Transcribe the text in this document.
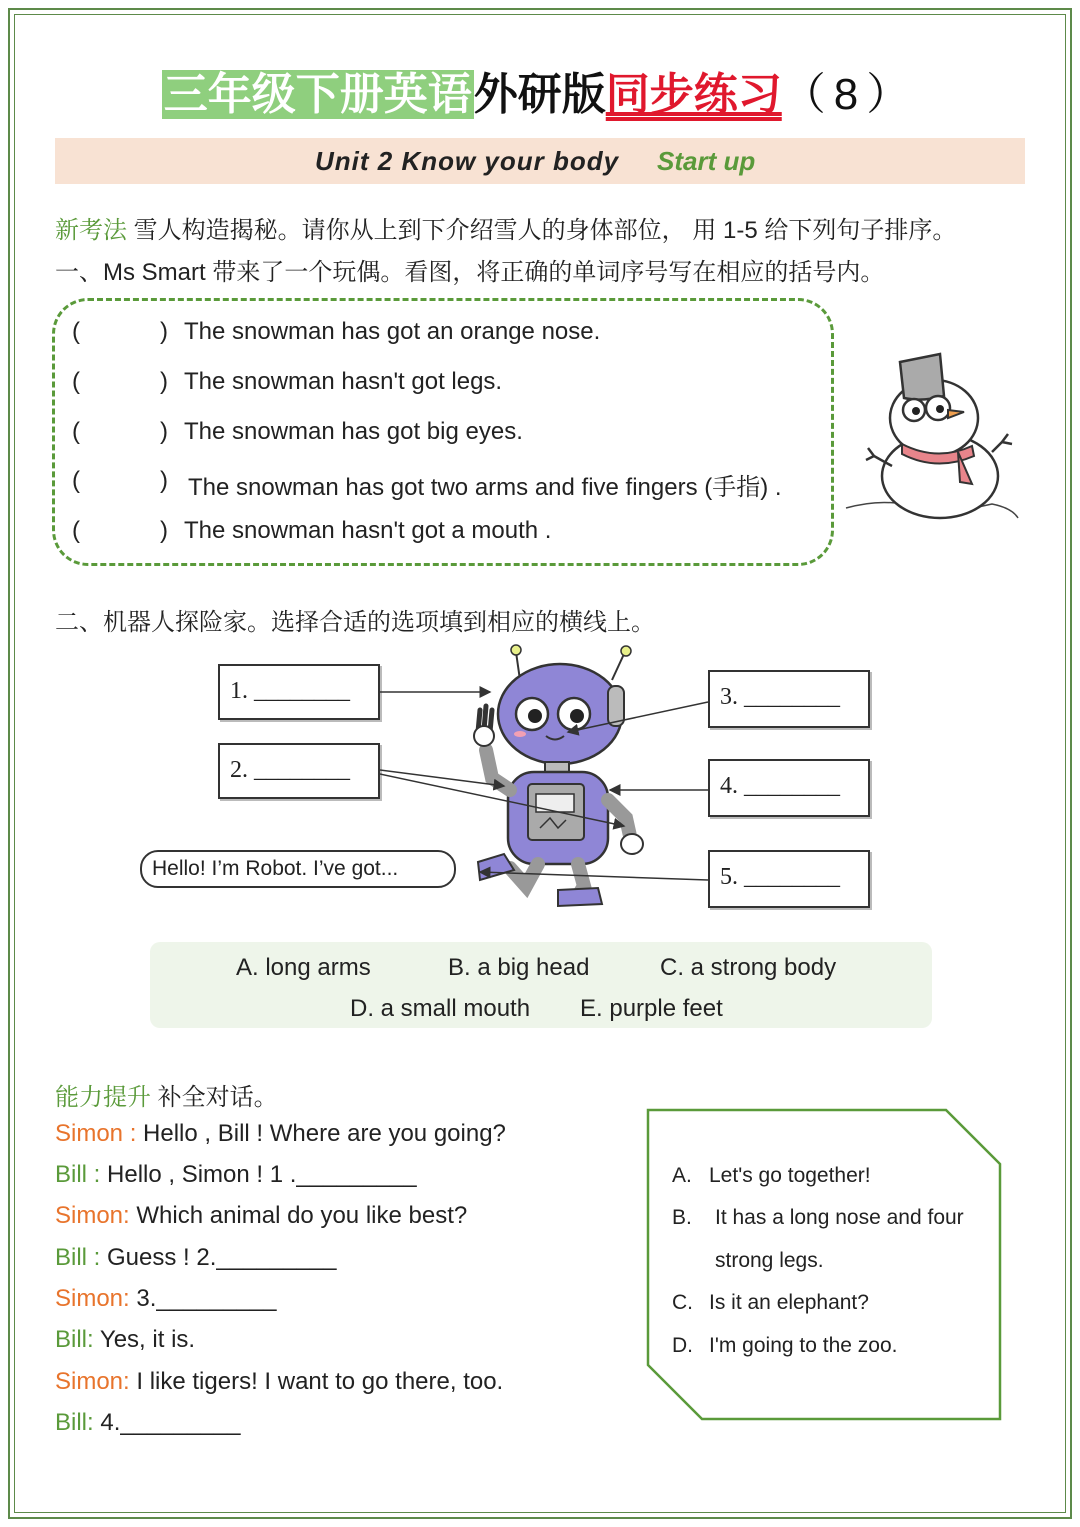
三年级下册英语外研版同步练习（8）
Unit 2 Know your body Start up
新考法 雪人构造揭秘。请你从上到下介绍雪人的身体部位， 用 1-5 给下列句子排序。
一、Ms Smart 带来了一个玩偶。看图，将正确的单词序号写在相应的括号内。
(	) The snowman has got an orange nose.
(	) The snowman hasn't got legs.
(	) The snowman has got big eyes.
(	) The snowman has got two arms and five fingers (手指) .
(	) The snowman hasn't got a mouth .
二、机器人探险家。选择合适的选项填到相应的横线上。
1. ________
2. ________
3. ________
4. ________
5. ________
Hello! I’m Robot. I’ve got...
A. long arms	B. a big head	C. a strong body
D. a small mouth E. purple feet
能力提升 补全对话。
Simon : Hello , Bill ! Where are you going?
Bill : Hello , Simon ! 1 ._________
Simon: Which animal do you like best?
Bill : Guess ! 2._________
Simon: 3._________
Bill: Yes, it is.
Simon: I like tigers! I want to go there, too.
Bill: 4._________
A. Let's go together!
B. It has a long nose and four
strong legs.
C. Is it an elephant?
D. I'm going to the zoo.
